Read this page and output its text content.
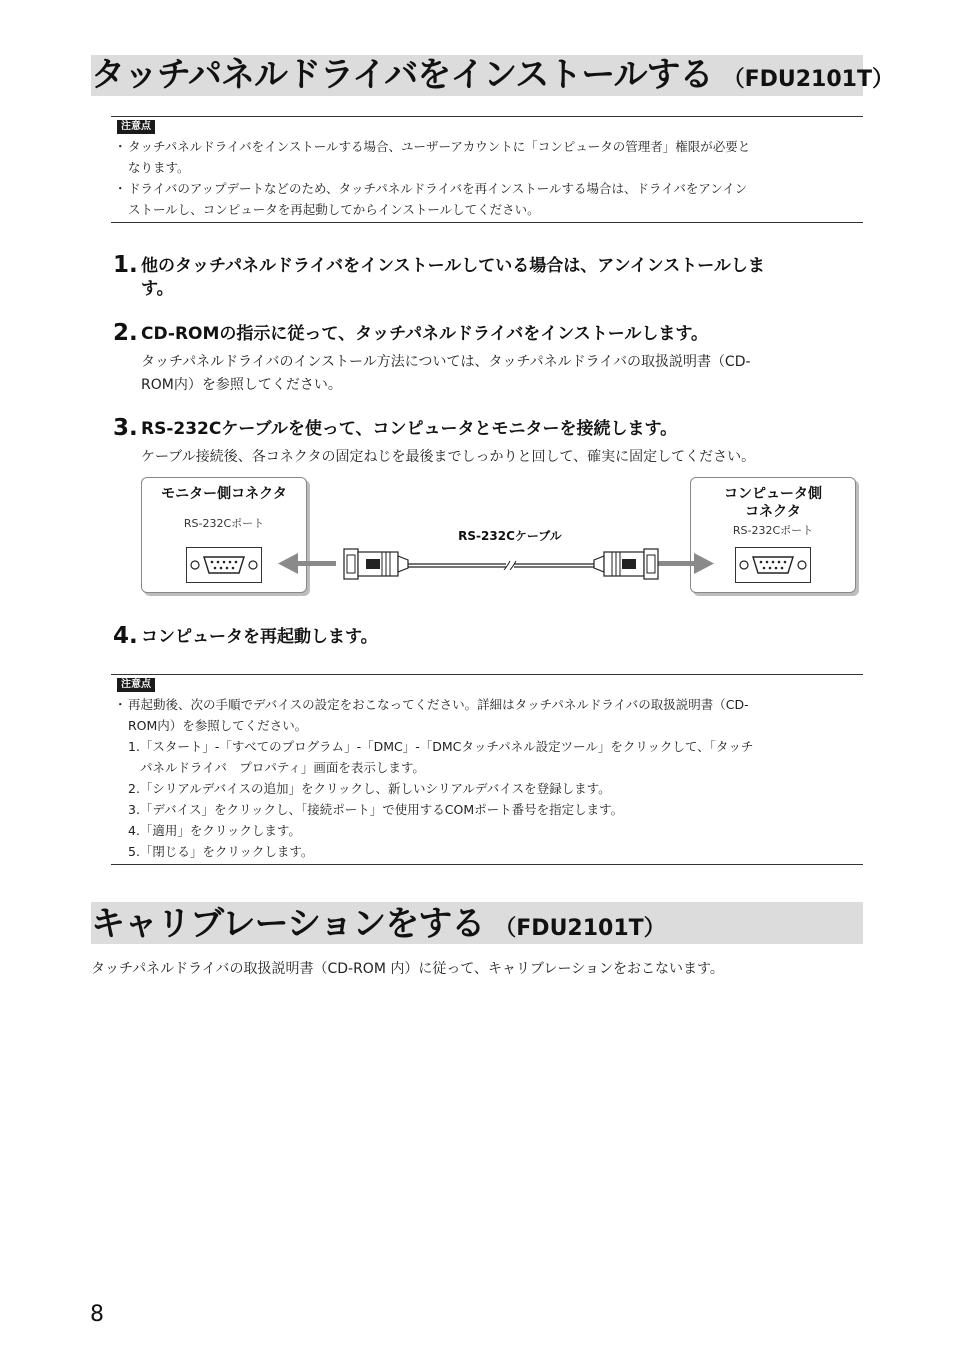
タッチパネルドライバをインストールする （FDU2101T）
注意点
・ タッチパネルドライバをインストールする場合、ユーザーアカウントに「コンピュータの管理者」権限が必要と
なります。
・ ドライバのアップデートなどのため、タッチパネルドライバを再インストールする場合は、ドライバをアンイン
ストールし、コンピュータを再起動してからインストールしてください。
1. 他のタッチパネルドライバをインストールしている場合は、アンインストールしま
す。
2. CD-ROMの指示に従って、タッチパネルドライバをインストールします。
タッチパネルドライバのインストール方法については、タッチパネルドライバの取扱説明書（CD-
ROM内）を参照してください。
3. RS-232Cケーブルを使って、コンピュータとモニターを接続します。
ケーブル接続後、各コネクタの固定ねじを最後までしっかりと回して、確実に固定してください。
モニター側コネクタ
RS-232Cポート
コンピュータ側
コネクタ
RS-232Cポート
RS-232Cケーブル
4. コンピュータを再起動します。
注意点
・ 再起動後、次の手順でデバイスの設定をおこなってください。詳細はタッチパネルドライバの取扱説明書（CD-
ROM内）を参照してください。
1.「スタート」-「すべてのプログラム」-「DMC」-「DMCタッチパネル設定ツール」をクリックして、「タッチ
パネルドライバ　プロパティ」画面を表示します。
2.「シリアルデバイスの追加」をクリックし、新しいシリアルデバイスを登録します。
3.「デバイス」をクリックし、「接続ポート」で使用するCOMポート番号を指定します。
4.「適用」をクリックします。
5.「閉じる」をクリックします。
キャリブレーションをする （FDU2101T）
タッチパネルドライバの取扱説明書（CD-ROM 内）に従って、キャリブレーションをおこないます。
8
